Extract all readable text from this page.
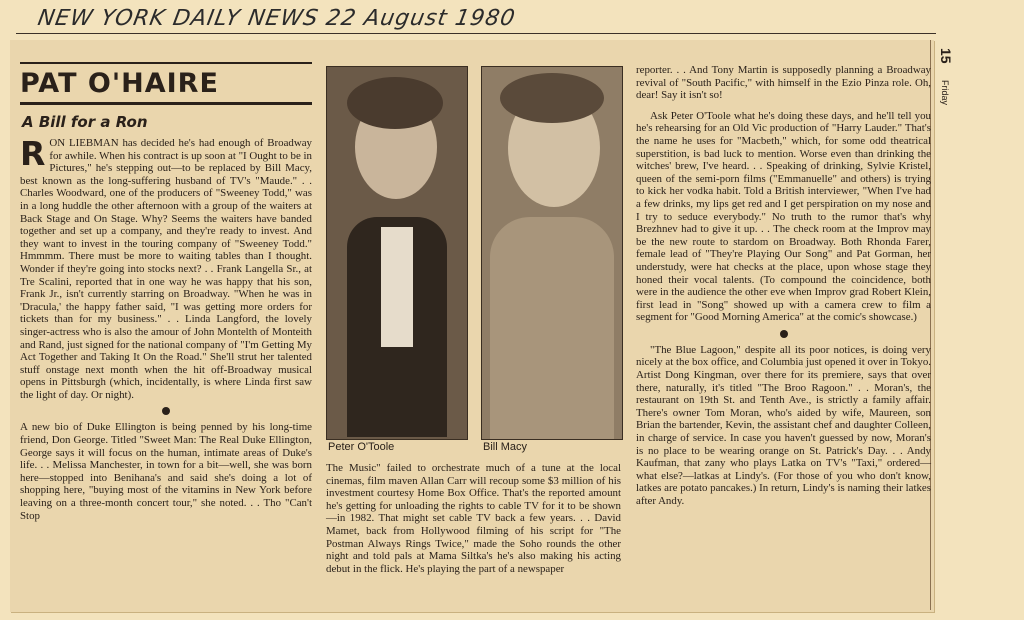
NEW YORK DAILY NEWS 22 August 1980
15
Friday
PAT O'HAIRE
A Bill for a Ron

RON LIEBMAN has decided he's had enough of Broadway for awhile. When his contract is up soon at "I Ought to be in Pictures," he's stepping out—to be replaced by Bill Macy, best known as the long-suffering husband of TV's "Maude." . . Charles Woodward, one of the producers of "Sweeney Todd," was in a long huddle the other afternoon with a group of the waiters at Back Stage and On Stage. Why? Seems the waiters have banded together and set up a company, and they're ready to invest. And they want to invest in the touring company of "Sweeney Todd." Hmmmm. There must be more to waiting tables than I thought. Wonder if they're going into stocks next? . . Frank Langella Sr., at Tre Scalini, reported that in one way he was happy that his son, Frank Jr., isn't currently starring on Broadway. "When he was in 'Dracula,' the happy father said, "I was getting more orders for tickets than for my business." . . Linda Langford, the lovely singer-actress who is also the amour of John Montelth of Monteith and Rand, just signed for the national company of "I'm Getting My Act Together and Taking It On the Road." She'll strut her talented stuff onstage next month when the hit off-Broadway musical opens in Pittsburgh (which, incidentally, is where Linda first saw the light of day. Or night).

A new bio of Duke Ellington is being penned by his long-time friend, Don George. Titled "Sweet Man: The Real Duke Ellington, George says it will focus on the human, intimate areas of Duke's life. . . Melissa Manchester, in town for a bit—well, she was born here—stopped into Benihana's and said she's doing a lot of shopping here, "buying most of the vitamins in New York before leaving on a three-month concert tour," she noted. . . Tho "Can't Stop

Peter O'Toole	Bill Macy

The Music" failed to orchestrate much of a tune at the local cinemas, film maven Allan Carr will recoup some $3 million of his investment courtesy Home Box Office. That's the reported amount he's getting for unloading the rights to cable TV for it to be shown—in 1982. That might set cable TV back a few years. . . David Mamet, back from Hollywood filming of his script for "The Postman Always Rings Twice," made the Soho rounds the other night and told pals at Mama Siltka's he's also making his acting debut in the flick. He's playing the part of a newspaper

reporter. . . And Tony Martin is supposedly planning a Broadway revival of "South Pacific," with himself in the Ezio Pinza role. Oh, dear! Say it isn't so!

Ask Peter O'Toole what he's doing these days, and he'll tell you he's rehearsing for an Old Vic production of "Harry Lauder." That's the name he uses for "Macbeth," which, for some odd theatrical superstition, is bad luck to mention. Worse even than drinking the witches' brew, I've heard. . . Speaking of drinking, Sylvie Kristel, queen of the semi-porn films ("Emmanuelle" and others) is trying to kick her vodka habit. Told a British interviewer, "When I've had a few drinks, my lips get red and I get perspiration on my nose and I try to seduce everybody." No truth to the rumor that's why Brezhnev had to give it up. . . The check room at the Improv may be the new route to stardom on Broadway. Both Rhonda Farer, female lead of "They're Playing Our Song" and Pat Gorman, her understudy, were hat checks at the place, upon whose stage they honed their vocal talents. (To compound the coincidence, both were in the audience the other eve when Improv grad Robert Klein, first lead in "Song" showed up with a camera crew to film a segment for "Good Morning America" at the comic's showcase.)

"The Blue Lagoon," despite all its poor notices, is doing very nicely at the box office, and Columbia just opened it over in Tokyo. Artist Dong Kingman, over there for its premiere, says that over there, naturally, it's titled "The Broo Ragoon." . . Moran's, the restaurant on 19th St. and Tenth Ave., is strictly a family affair. There's owner Tom Moran, who's aided by wife, Maureen, son Brian the bartender, Kevin, the assistant chef and daughter Colleen, in charge of service. In case you haven't guessed by now, Moran's is no place to be wearing orange on St. Patrick's Day. . . Andy Kaufman, that zany who plays Latka on TV's "Taxi," ordered—what else?—latkas at Lindy's. (For those of you who don't know, latkes are potato pancakes.) In return, Lindy's is naming their latkes after Andy.
